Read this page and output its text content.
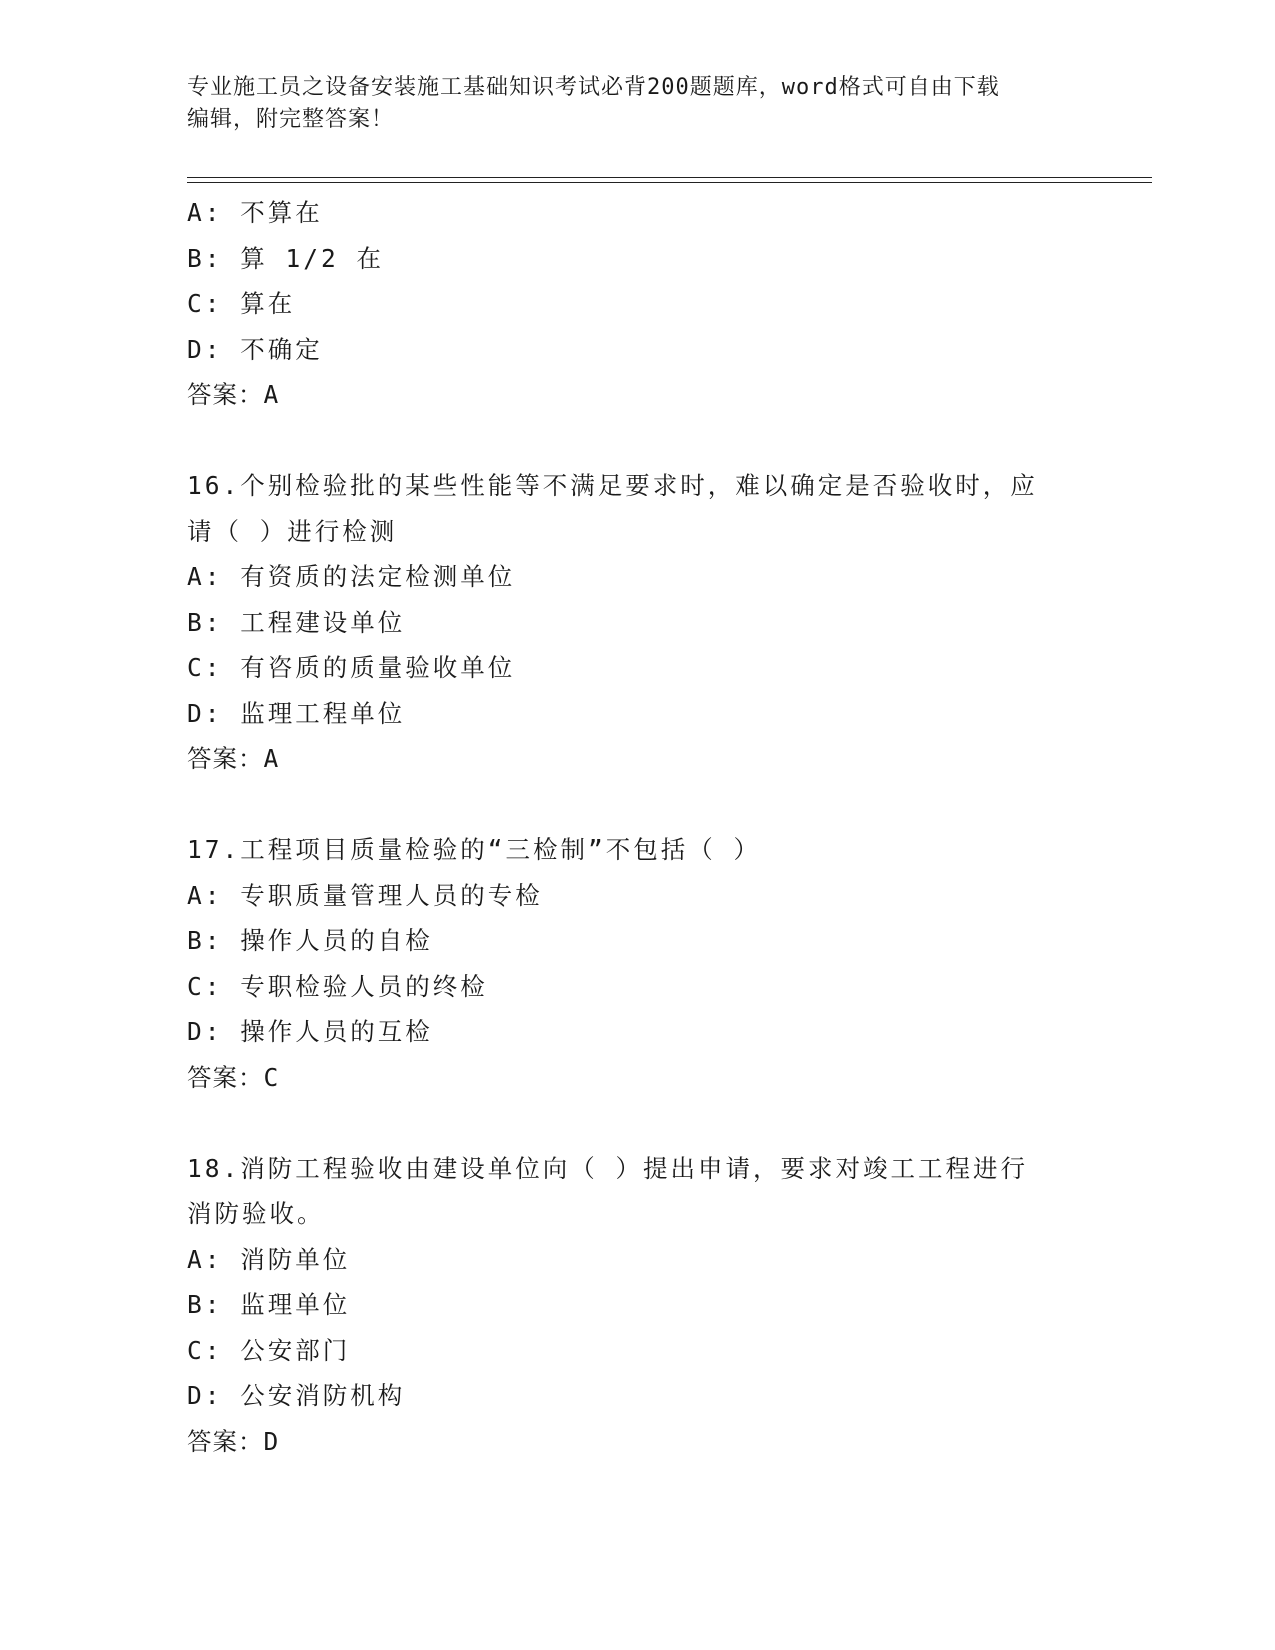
专业施工员之设备安装施工基础知识考试必背200题题库，word格式可自由下载
编辑，附完整答案！
A: 不算在
B: 算 1/2 在
C: 算在
D: 不确定
答案：A
16.个别检验批的某些性能等不满足要求时，难以确定是否验收时，应
请（ ）进行检测
A: 有资质的法定检测单位
B: 工程建设单位
C: 有咨质的质量验收单位
D: 监理工程单位
答案：A
17.工程项目质量检验的“三检制”不包括（ ）
A: 专职质量管理人员的专检
B: 操作人员的自检
C: 专职检验人员的终检
D: 操作人员的互检
答案：C
18.消防工程验收由建设单位向（ ）提出申请，要求对竣工工程进行
消防验收。
A: 消防单位
B: 监理单位
C: 公安部门
D: 公安消防机构
答案：D
